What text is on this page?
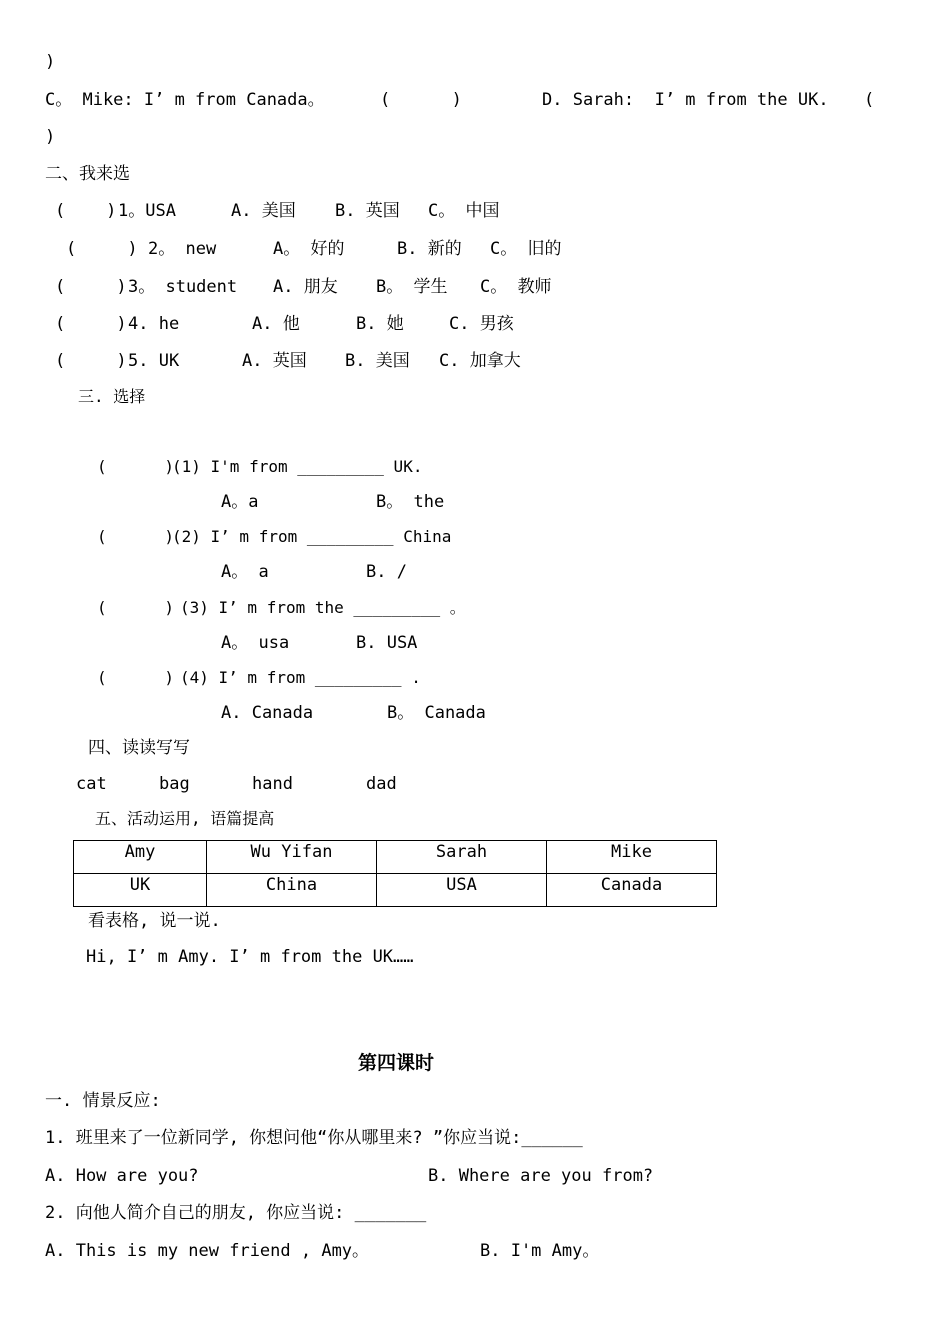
)
C。 Mike: I’ m from Canada。	(      )	D. Sarah:  I’ m from the UK. (
)
二、我来选
(    ) 1。USA	A. 美国 B. 英国 C。 中国
(     ) 2。 new	A。 好的	B. 新的 C。 旧的
(     ) 3。 student A. 朋友 B。 学生 C。 教师
(     ) 4. he	A. 他	B. 她	C. 男孩
(     ) 5. UK	A. 英国 B. 美国 C. 加拿大
三. 选择
(      )
(1) I'm from _________ UK.
A。a	B。 the
(      )
(2) I’ m from _________ China
A。 a	B. /
(      ) (3) I’ m from the _________ 。
A。 usa	B. USA
(      ) (4) I’ m from _________ .
A. Canada	B。 Canada
四、读读写写
cat	bag	hand	dad
五、活动运用, 语篇提高
Amy	Wu Yifan	Sarah	Mike
UK	China	USA	Canada
看表格, 说一说.
Hi, I’ m Amy. I’ m from the UK……
第四课时
一. 情景反应:
1. 班里来了一位新同学, 你想问他“你从哪里来? ”你应当说:______
A. How are you?	B. Where are you from?
2. 向他人简介自己的朋友, 你应当说: _______
A. This is my new friend , Amy。	B. I'm Amy。
